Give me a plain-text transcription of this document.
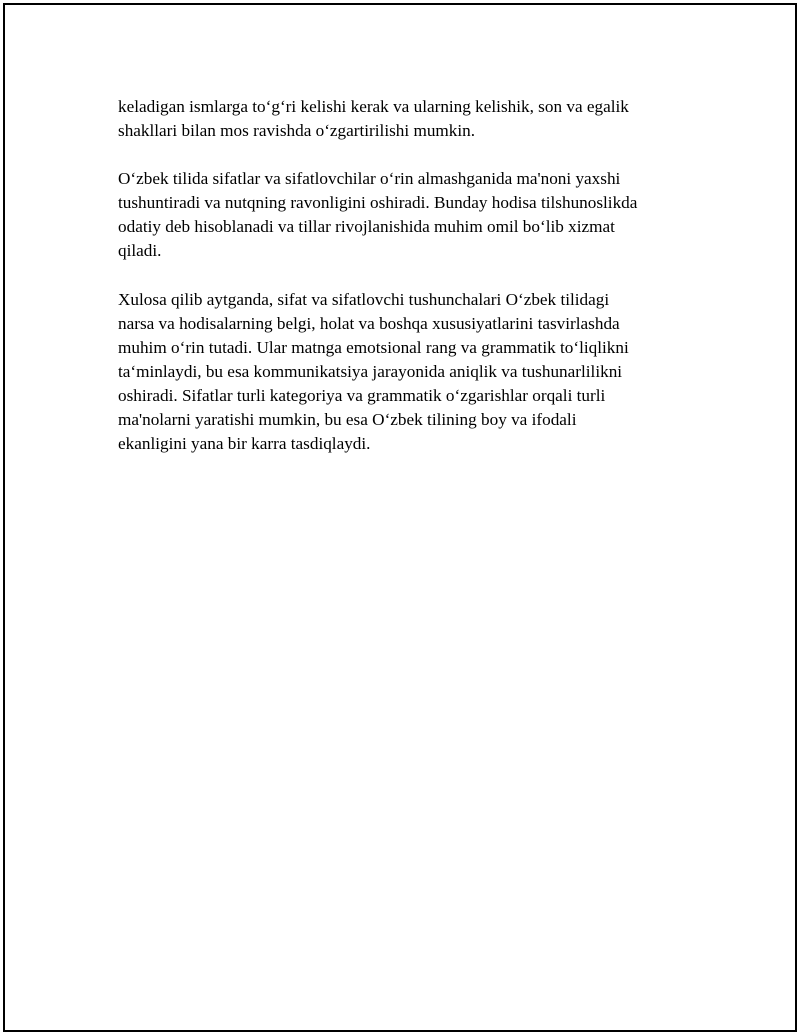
keladigan ismlarga to‘g‘ri kelishi kerak va ularning kelishik, son va egalik
shakllari bilan mos ravishda o‘zgartirilishi mumkin.

O‘zbek tilida sifatlar va sifatlovchilar o‘rin almashganida ma'noni yaxshi
tushuntiradi va nutqning ravonligini oshiradi. Bunday hodisa tilshunoslikda
odatiy deb hisoblanadi va tillar rivojlanishida muhim omil bo‘lib xizmat
qiladi.

Xulosa qilib aytganda, sifat va sifatlovchi tushunchalari O‘zbek tilidagi
narsa va hodisalarning belgi, holat va boshqa xususiyatlarini tasvirlashda
muhim o‘rin tutadi. Ular matnga emotsional rang va grammatik to‘liqlikni
ta‘minlaydi, bu esa kommunikatsiya jarayonida aniqlik va tushunarlilikni
oshiradi. Sifatlar turli kategoriya va grammatik o‘zgarishlar orqali turli
ma'nolarni yaratishi mumkin, bu esa O‘zbek tilining boy va ifodali
ekanligini yana bir karra tasdiqlaydi.
